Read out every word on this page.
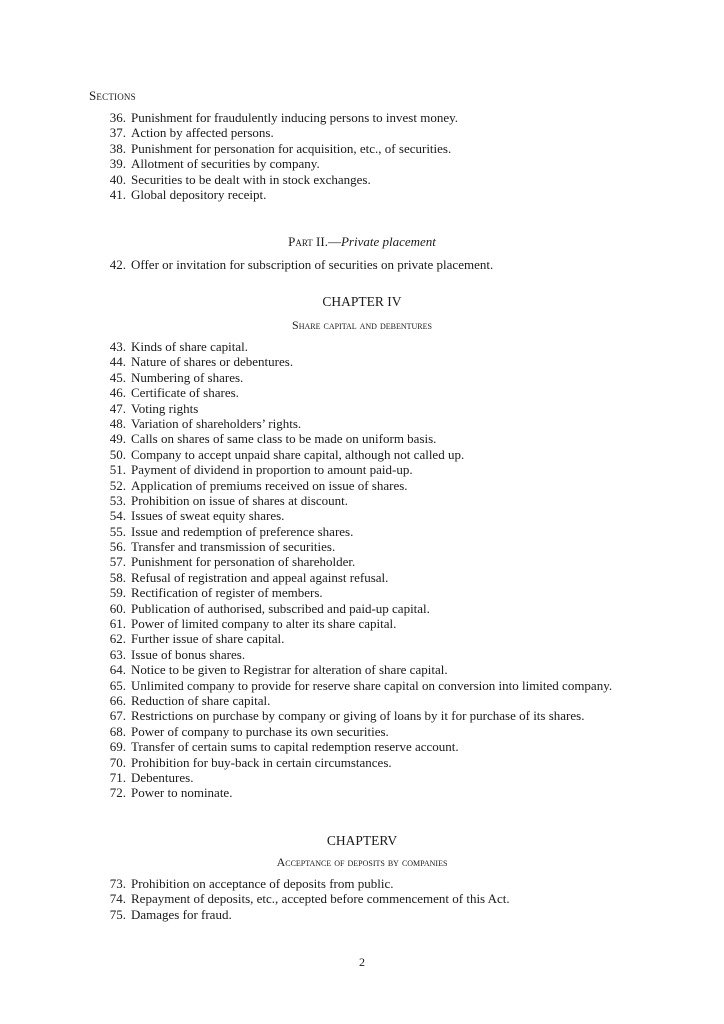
Sections
36. Punishment for fraudulently inducing persons to invest money.
37. Action by affected persons.
38. Punishment for personation for acquisition, etc., of securities.
39. Allotment of securities by company.
40. Securities to be dealt with in stock exchanges.
41. Global depository receipt.
Part II.—Private placement
42. Offer or invitation for subscription of securities on private placement.
CHAPTER IV
Share capital and debentures
43. Kinds of share capital.
44. Nature of shares or debentures.
45. Numbering of shares.
46. Certificate of shares.
47. Voting rights
48. Variation of shareholders’ rights.
49. Calls on shares of same class to be made on uniform basis.
50. Company to accept unpaid share capital, although not called up.
51. Payment of dividend in proportion to amount paid-up.
52. Application of premiums received on issue of shares.
53. Prohibition on issue of shares at discount.
54. Issues of sweat equity shares.
55. Issue and redemption of preference shares.
56. Transfer and transmission of securities.
57. Punishment for personation of shareholder.
58. Refusal of registration and appeal against refusal.
59. Rectification of register of members.
60. Publication of authorised, subscribed and paid-up capital.
61. Power of limited company to alter its share capital.
62. Further issue of share capital.
63. Issue of bonus shares.
64. Notice to be given to Registrar for alteration of share capital.
65. Unlimited company to provide for reserve share capital on conversion into limited company.
66. Reduction of share capital.
67. Restrictions on purchase by company or giving of loans by it for purchase of its shares.
68. Power of company to purchase its own securities.
69. Transfer of certain sums to capital redemption reserve account.
70. Prohibition for buy-back in certain circumstances.
71. Debentures.
72. Power to nominate.
CHAPTERV
Acceptance of deposits by companies
73. Prohibition on acceptance of deposits from public.
74. Repayment of deposits, etc., accepted before commencement of this Act.
75. Damages for fraud.
2
